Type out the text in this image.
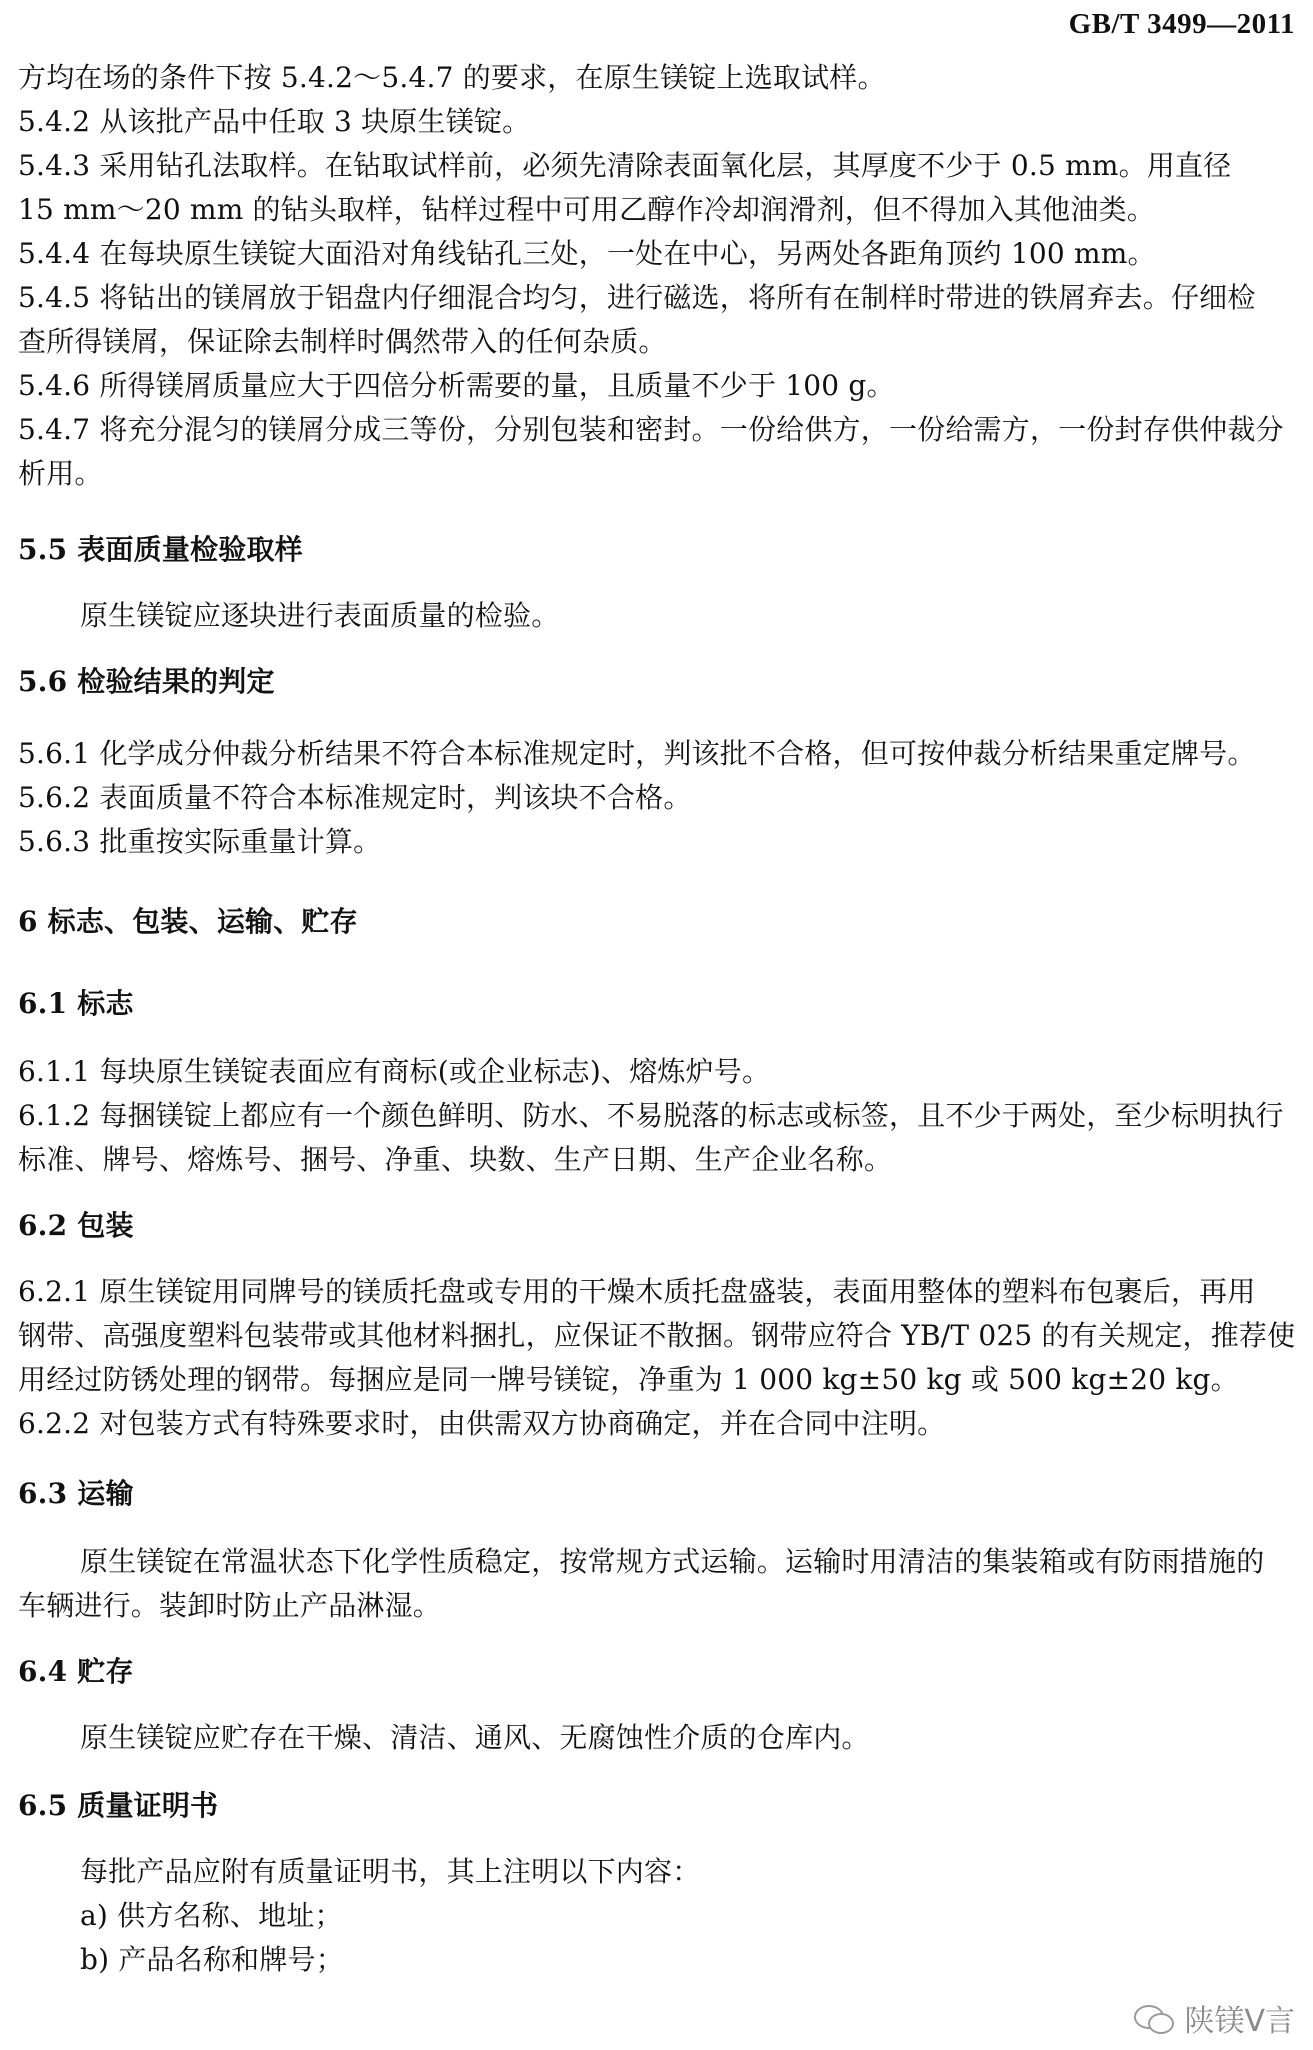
GB/T 3499—2011
方均在场的条件下按 5.4.2～5.4.7 的要求，在原生镁锭上选取试样。
5.4.2 从该批产品中任取 3 块原生镁锭。
5.4.3 采用钻孔法取样。在钻取试样前，必须先清除表面氧化层，其厚度不少于 0.5 mm。用直径
15 mm～20 mm 的钻头取样，钻样过程中可用乙醇作冷却润滑剂，但不得加入其他油类。
5.4.4 在每块原生镁锭大面沿对角线钻孔三处，一处在中心，另两处各距角顶约 100 mm。
5.4.5 将钻出的镁屑放于铝盘内仔细混合均匀，进行磁选，将所有在制样时带进的铁屑弃去。仔细检
查所得镁屑，保证除去制样时偶然带入的任何杂质。
5.4.6 所得镁屑质量应大于四倍分析需要的量，且质量不少于 100 g。
5.4.7 将充分混匀的镁屑分成三等份，分别包装和密封。一份给供方，一份给需方，一份封存供仲裁分
析用。
5.5 表面质量检验取样
原生镁锭应逐块进行表面质量的检验。
5.6 检验结果的判定
5.6.1 化学成分仲裁分析结果不符合本标准规定时，判该批不合格，但可按仲裁分析结果重定牌号。
5.6.2 表面质量不符合本标准规定时，判该块不合格。
5.6.3 批重按实际重量计算。
6 标志、包装、运输、贮存
6.1 标志
6.1.1 每块原生镁锭表面应有商标(或企业标志)、熔炼炉号。
6.1.2 每捆镁锭上都应有一个颜色鲜明、防水、不易脱落的标志或标签，且不少于两处，至少标明执行
标准、牌号、熔炼号、捆号、净重、块数、生产日期、生产企业名称。
6.2 包装
6.2.1 原生镁锭用同牌号的镁质托盘或专用的干燥木质托盘盛装，表面用整体的塑料布包裹后，再用
钢带、高强度塑料包装带或其他材料捆扎，应保证不散捆。钢带应符合 YB/T 025 的有关规定，推荐使
用经过防锈处理的钢带。每捆应是同一牌号镁锭，净重为 1 000 kg±50 kg 或 500 kg±20 kg。
6.2.2 对包装方式有特殊要求时，由供需双方协商确定，并在合同中注明。
6.3 运输
原生镁锭在常温状态下化学性质稳定，按常规方式运输。运输时用清洁的集装箱或有防雨措施的
车辆进行。装卸时防止产品淋湿。
6.4 贮存
原生镁锭应贮存在干燥、清洁、通风、无腐蚀性介质的仓库内。
6.5 质量证明书
每批产品应附有质量证明书，其上注明以下内容：
a) 供方名称、地址；
b) 产品名称和牌号；
陕镁V言
